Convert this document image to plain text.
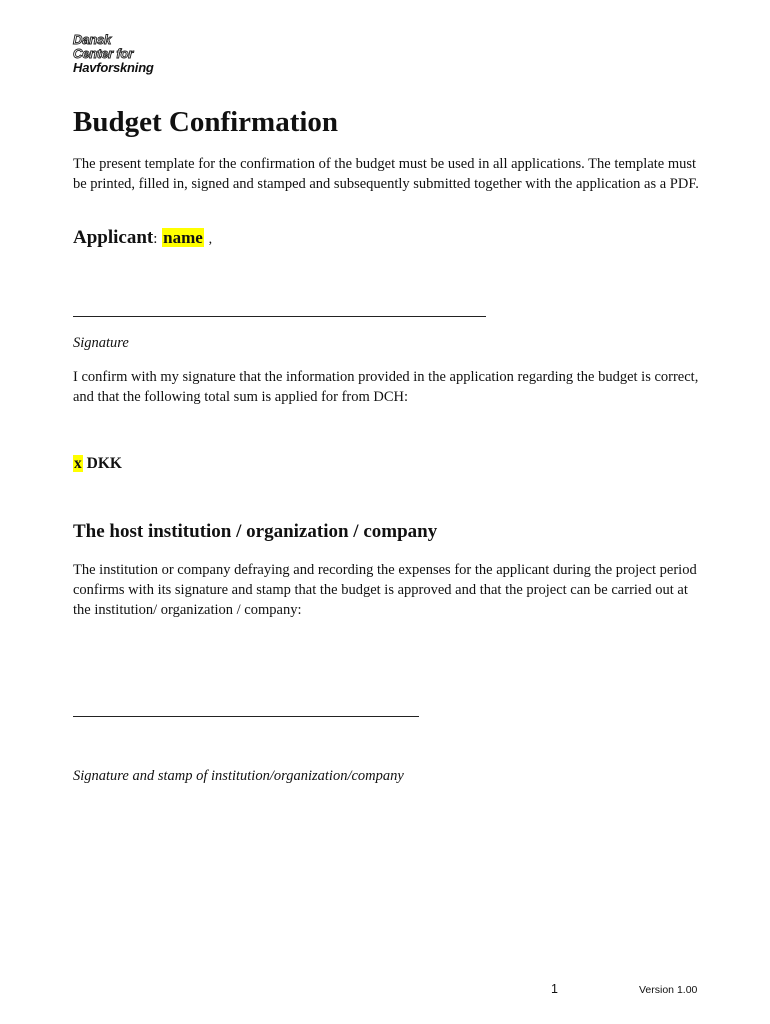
Dansk
Center for
Havforskning
Budget Confirmation

The present template for the confirmation of the budget must be used in all applications. The template must be printed, filled in, signed and stamped and subsequently submitted together with the application as a PDF.

Applicant: name ,

Signature

I confirm with my signature that the information provided in the application regarding the budget is correct, and that the following total sum is applied for from DCH:

x DKK

The host institution / organization / company

The institution or company defraying and recording the expenses for the applicant during the project period confirms with its signature and stamp that the budget is approved and that the project can be carried out at the institution/ organization / company:

Signature and stamp of institution/organization/company

1	Version 1.00
